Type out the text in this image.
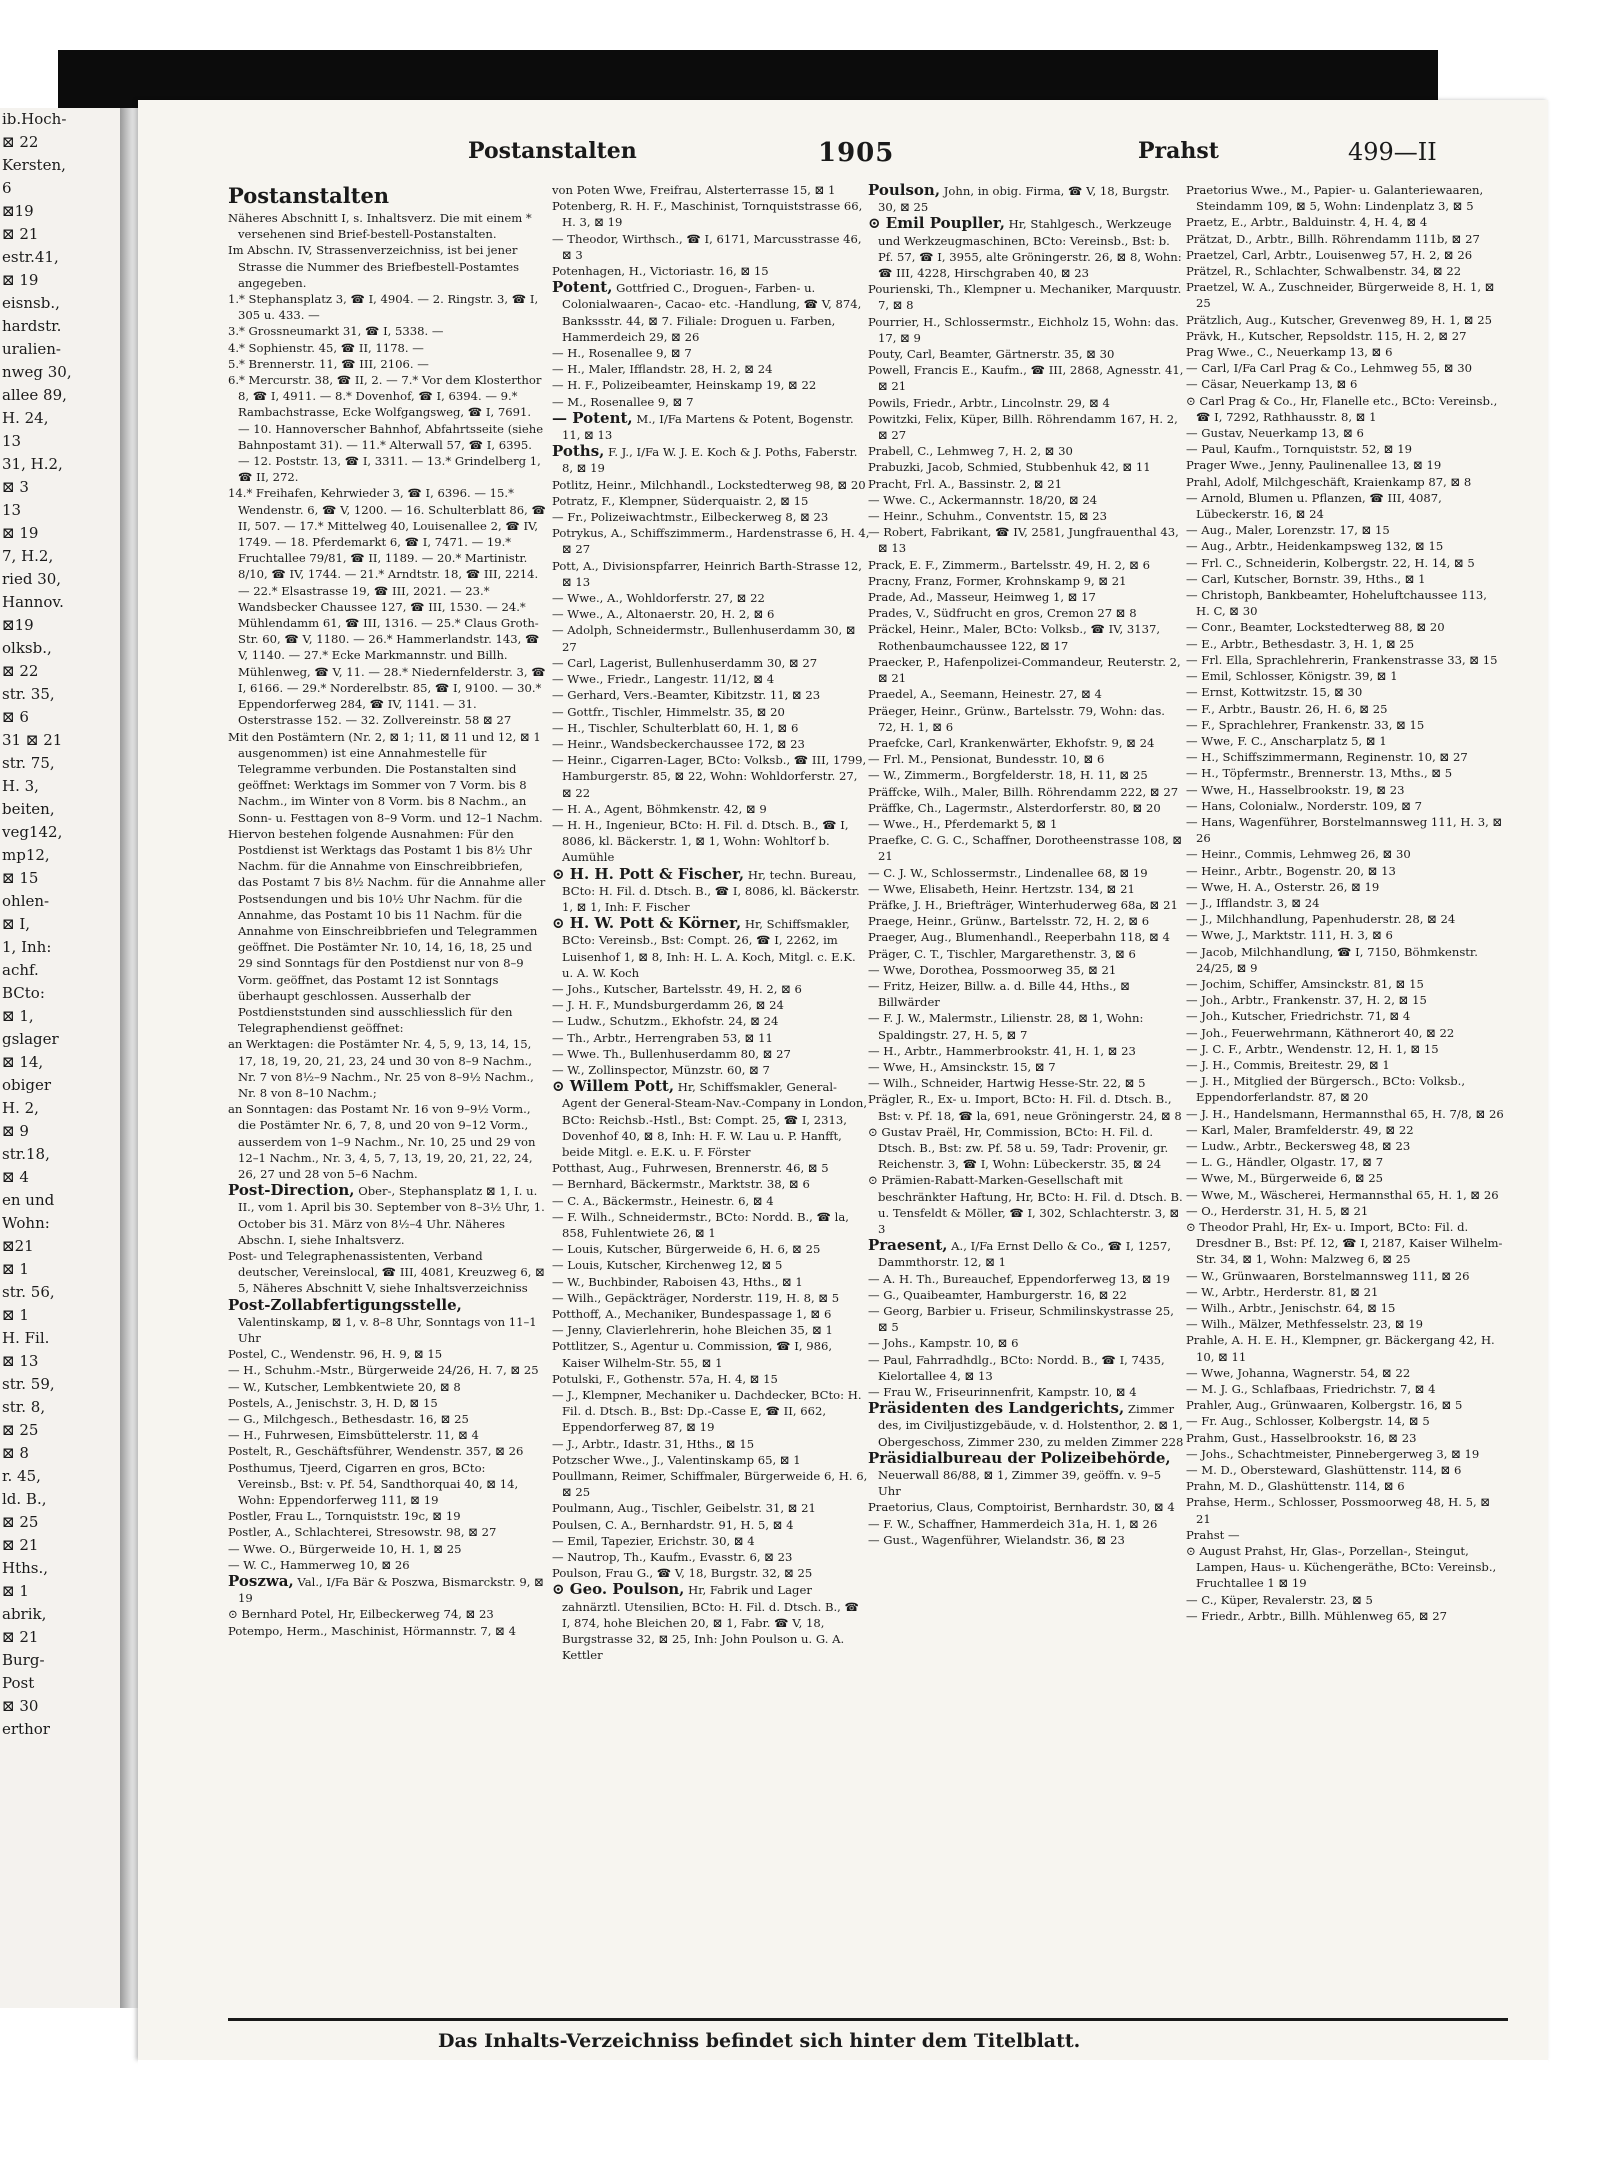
ib.Hoch-
⊠ 22
Kersten,
6
⊠19
⊠ 21
estr.41,
⊠ 19
eisnsb.,
hardstr.
uralien-
nweg 30,
allee 89,
H. 24,
13
31, H.2,
⊠ 3
13
⊠ 19
7, H.2,
ried 30,
Hannov.
⊠19
olksb.,
⊠ 22
str. 35,
⊠ 6
31 ⊠ 21
str. 75,
H. 3,
beiten,
veg142,
mp12,
⊠ 15
ohlen-
⊠ I,
1, Inh:
achf.
BCto:
⊠ 1,
gslager
⊠ 14,
obiger
H. 2,
⊠ 9
str.18,
⊠ 4
en und
Wohn:
⊠21
⊠ 1
str. 56,
⊠ 1
H. Fil.
⊠ 13
str. 59,
str. 8,
⊠ 25
⊠ 8
r. 45,
ld. B.,
⊠ 25
⊠ 21
Hths.,
⊠ 1
abrik,
⊠ 21
Burg-
Post
⊠ 30
erthor
Postanstalten	1905	Prahst	499—II

Postanstalten

Näheres Abschnitt I, s. Inhaltsverz. Die mit einem * versehenen sind Brief-bestell-Postanstalten.

Im Abschn. IV, Strassenverzeichniss, ist bei jener Strasse die Nummer des Briefbestell-Postamtes angegeben.

1.* Stephansplatz 3, ☎ I, 4904. — 2. Ringstr. 3, ☎ I, 305 u. 433. —

3.* Grossneumarkt 31, ☎ I, 5338. —

4.* Sophienstr. 45, ☎ II, 1178. —

5.* Brennerstr. 11, ☎ III, 2106. —

6.* Mercurstr. 38, ☎ II, 2. — 7.* Vor dem Klosterthor 8, ☎ I, 4911. — 8.* Dovenhof, ☎ I, 6394. — 9.* Rambachstrasse, Ecke Wolfgangsweg, ☎ I, 7691. — 10. Hannoverscher Bahnhof, Abfahrtsseite (siehe Bahnpostamt 31). — 11.* Alterwall 57, ☎ I, 6395. — 12. Poststr. 13, ☎ I, 3311. — 13.* Grindelberg 1, ☎ II, 272.

14.* Freihafen, Kehrwieder 3, ☎ I, 6396. — 15.* Wendenstr. 6, ☎ V, 1200. — 16. Schulterblatt 86, ☎ II, 507. — 17.* Mittelweg 40, Louisenallee 2, ☎ IV, 1749. — 18. Pferdemarkt 6, ☎ I, 7471. — 19.* Fruchtallee 79/81, ☎ II, 1189. — 20.* Martinistr. 8/10, ☎ IV, 1744. — 21.* Arndtstr. 18, ☎ III, 2214. — 22.* Elsastrasse 19, ☎ III, 2021. — 23.* Wandsbecker Chaussee 127, ☎ III, 1530. — 24.* Mühlendamm 61, ☎ III, 1316. — 25.* Claus Groth-Str. 60, ☎ V, 1180. — 26.* Hammerlandstr. 143, ☎ V, 1140. — 27.* Ecke Markmannstr. und Billh. Mühlenweg, ☎ V, 11. — 28.* Niedernfelderstr. 3, ☎ I, 6166. — 29.* Norderelbstr. 85, ☎ I, 9100. — 30.* Eppendorferweg 284, ☎ IV, 1141. — 31. Osterstrasse 152. — 32. Zollvereinstr. 58 ⊠ 27

Mit den Postämtern (Nr. 2, ⊠ 1; 11, ⊠ 11 und 12, ⊠ 1 ausgenommen) ist eine Annahmestelle für Telegramme verbunden. Die Postanstalten sind geöffnet: Werktags im Sommer von 7 Vorm. bis 8 Nachm., im Winter von 8 Vorm. bis 8 Nachm., an Sonn- u. Festtagen von 8–9 Vorm. und 12–1 Nachm.

Hiervon bestehen folgende Ausnahmen: Für den Postdienst ist Werktags das Postamt 1 bis 8½ Uhr Nachm. für die Annahme von Einschreibbriefen, das Postamt 7 bis 8½ Nachm. für die Annahme aller Postsendungen und bis 10½ Uhr Nachm. für die Annahme, das Postamt 10 bis 11 Nachm. für die Annahme von Einschreibbriefen und Telegrammen geöffnet. Die Postämter Nr. 10, 14, 16, 18, 25 und 29 sind Sonntags für den Postdienst nur von 8–9 Vorm. geöffnet, das Postamt 12 ist Sonntags überhaupt geschlossen. Ausserhalb der Postdienststunden sind ausschliesslich für den Telegraphendienst geöffnet:

an Werktagen: die Postämter Nr. 4, 5, 9, 13, 14, 15, 17, 18, 19, 20, 21, 23, 24 und 30 von 8–9 Nachm., Nr. 7 von 8½–9 Nachm., Nr. 25 von 8–9½ Nachm., Nr. 8 von 8–10 Nachm.;

an Sonntagen: das Postamt Nr. 16 von 9–9½ Vorm., die Postämter Nr. 6, 7, 8, und 20 von 9–12 Vorm., ausserdem von 1–9 Nachm., Nr. 10, 25 und 29 von 12–1 Nachm., Nr. 3, 4, 5, 7, 13, 19, 20, 21, 22, 24, 26, 27 und 28 von 5–6 Nachm.

Post-Direction, Ober-, Stephansplatz ⊠ 1, I. u. II., vom 1. April bis 30. September von 8–3½ Uhr, 1. October bis 31. März von 8½–4 Uhr. Näheres Abschn. I, siehe Inhaltsverz.

Post- und Telegraphenassistenten, Verband deutscher, Vereinslocal, ☎ III, 4081, Kreuzweg 6, ⊠ 5, Näheres Abschnitt V, siehe Inhaltsverzeichniss

Post-Zollabfertigungsstelle, Valentinskamp, ⊠ 1, v. 8–8 Uhr, Sonntags von 11–1 Uhr

Postel, C., Wendenstr. 96, H. 9, ⊠ 15

— H., Schuhm.-Mstr., Bürgerweide 24/26, H. 7, ⊠ 25

— W., Kutscher, Lembkentwiete 20, ⊠ 8

Postels, A., Jenischstr. 3, H. D, ⊠ 15

— G., Milchgesch., Bethesdastr. 16, ⊠ 25

— H., Fuhrwesen, Eimsbüttelerstr. 11, ⊠ 4

Postelt, R., Geschäftsführer, Wendenstr. 357, ⊠ 26

Posthumus, Tjeerd, Cigarren en gros, BCto: Vereinsb., Bst: v. Pf. 54, Sandthorquai 40, ⊠ 14, Wohn: Eppendorferweg 111, ⊠ 19

Postler, Frau L., Tornquiststr. 19c, ⊠ 19

Postler, A., Schlachterei, Stresowstr. 98, ⊠ 27

— Wwe. O., Bürgerweide 10, H. 1, ⊠ 25

— W. C., Hammerweg 10, ⊠ 26

Poszwa, Val., I/Fa Bär & Poszwa, Bismarckstr. 9, ⊠ 19

⊙ Bernhard Potel, Hr, Eilbeckerweg 74, ⊠ 23

Potempo, Herm., Maschinist, Hörmannstr. 7, ⊠ 4

von Poten Wwe, Freifrau, Alsterterrasse 15, ⊠ 1

Potenberg, R. H. F., Maschinist, Tornquiststrasse 66, H. 3, ⊠ 19

— Theodor, Wirthsch., ☎ I, 6171, Marcusstrasse 46, ⊠ 3

Potenhagen, H., Victoriastr. 16, ⊠ 15

Potent, Gottfried C., Droguen-, Farben- u. Colonialwaaren-, Cacao- etc. -Handlung, ☎ V, 874, Bankssstr. 44, ⊠ 7. Filiale: Droguen u. Farben, Hammerdeich 29, ⊠ 26

— H., Rosenallee 9, ⊠ 7

— H., Maler, Ifflandstr. 28, H. 2, ⊠ 24

— H. F., Polizeibeamter, Heinskamp 19, ⊠ 22

— M., Rosenallee 9, ⊠ 7

— Potent, M., I/Fa Martens & Potent, Bogenstr. 11, ⊠ 13

Poths, F. J., I/Fa W. J. E. Koch & J. Poths, Faberstr. 8, ⊠ 19

Potlitz, Heinr., Milchhandl., Lockstedterweg 98, ⊠ 20

Potratz, F., Klempner, Süderquaistr. 2, ⊠ 15

— Fr., Polizeiwachtmstr., Eilbeckerweg 8, ⊠ 23

Potrykus, A., Schiffszimmerm., Hardenstrasse 6, H. 4, ⊠ 27

Pott, A., Divisionspfarrer, Heinrich Barth-Strasse 12, ⊠ 13

— Wwe., A., Wohldorferstr. 27, ⊠ 22

— Wwe., A., Altonaerstr. 20, H. 2, ⊠ 6

— Adolph, Schneidermstr., Bullenhuserdamm 30, ⊠ 27

— Carl, Lagerist, Bullenhuserdamm 30, ⊠ 27

— Wwe., Friedr., Langestr. 11/12, ⊠ 4

— Gerhard, Vers.-Beamter, Kibitzstr. 11, ⊠ 23

— Gottfr., Tischler, Himmelstr. 35, ⊠ 20

— H., Tischler, Schulterblatt 60, H. 1, ⊠ 6

— Heinr., Wandsbeckerchaussee 172, ⊠ 23

— Heinr., Cigarren-Lager, BCto: Volksb., ☎ III, 1799, Hamburgerstr. 85, ⊠ 22, Wohn: Wohldorferstr. 27, ⊠ 22

— H. A., Agent, Böhmkenstr. 42, ⊠ 9

— H. H., Ingenieur, BCto: H. Fil. d. Dtsch. B., ☎ I, 8086, kl. Bäckerstr. 1, ⊠ 1, Wohn: Wohltorf b. Aumühle

⊙ H. H. Pott & Fischer, Hr, techn. Bureau, BCto: H. Fil. d. Dtsch. B., ☎ I, 8086, kl. Bäckerstr. 1, ⊠ 1, Inh: F. Fischer

⊙ H. W. Pott & Körner, Hr, Schiffsmakler, BCto: Vereinsb., Bst: Compt. 26, ☎ I, 2262, im Luisenhof 1, ⊠ 8, Inh: H. L. A. Koch, Mitgl. c. E.K. u. A. W. Koch

— Johs., Kutscher, Bartelsstr. 49, H. 2, ⊠ 6

— J. H. F., Mundsburgerdamm 26, ⊠ 24

— Ludw., Schutzm., Ekhofstr. 24, ⊠ 24

— Th., Arbtr., Herrengraben 53, ⊠ 11

— Wwe. Th., Bullenhuserdamm 80, ⊠ 27

— W., Zollinspector, Münzstr. 60, ⊠ 7

⊙ Willem Pott, Hr, Schiffsmakler, General-Agent der General-Steam-Nav.-Company in London, BCto: Reichsb.-Hstl., Bst: Compt. 25, ☎ I, 2313, Dovenhof 40, ⊠ 8, Inh: H. F. W. Lau u. P. Hanfft, beide Mitgl. e. E.K. u. F. Förster

Potthast, Aug., Fuhrwesen, Brennerstr. 46, ⊠ 5

— Bernhard, Bäckermstr., Marktstr. 38, ⊠ 6

— C. A., Bäckermstr., Heinestr. 6, ⊠ 4

— F. Wilh., Schneidermstr., BCto: Nordd. B., ☎ la, 858, Fuhlentwiete 26, ⊠ 1

— Louis, Kutscher, Bürgerweide 6, H. 6, ⊠ 25

— Louis, Kutscher, Kirchenweg 12, ⊠ 5

— W., Buchbinder, Raboisen 43, Hths., ⊠ 1

— Wilh., Gepäckträger, Norderstr. 119, H. 8, ⊠ 5

Potthoff, A., Mechaniker, Bundespassage 1, ⊠ 6

— Jenny, Clavierlehrerin, hohe Bleichen 35, ⊠ 1

Pottlitzer, S., Agentur u. Commission, ☎ I, 986, Kaiser Wilhelm-Str. 55, ⊠ 1

Potulski, F., Gothenstr. 57a, H. 4, ⊠ 15

— J., Klempner, Mechaniker u. Dachdecker, BCto: H. Fil. d. Dtsch. B., Bst: Dp.-Casse E, ☎ II, 662, Eppendorferweg 87, ⊠ 19

— J., Arbtr., Idastr. 31, Hths., ⊠ 15

Potzscher Wwe., J., Valentinskamp 65, ⊠ 1

Poullmann, Reimer, Schiffmaler, Bürgerweide 6, H. 6, ⊠ 25

Poulmann, Aug., Tischler, Geibelstr. 31, ⊠ 21

Poulsen, C. A., Bernhardstr. 91, H. 5, ⊠ 4

— Emil, Tapezier, Erichstr. 30, ⊠ 4

— Nautrop, Th., Kaufm., Evasstr. 6, ⊠ 23

Poulson, Frau G., ☎ V, 18, Burgstr. 32, ⊠ 25

⊙ Geo. Poulson, Hr, Fabrik und Lager zahnärztl. Utensilien, BCto: H. Fil. d. Dtsch. B., ☎ I, 874, hohe Bleichen 20, ⊠ 1, Fabr. ☎ V, 18, Burgstrasse 32, ⊠ 25, Inh: John Poulson u. G. A. Kettler

Poulson, John, in obig. Firma, ☎ V, 18, Burgstr. 30, ⊠ 25

⊙ Emil Poupller, Hr, Stahlgesch., Werkzeuge und Werkzeugmaschinen, BCto: Vereinsb., Bst: b. Pf. 57, ☎ I, 3955, alte Gröningerstr. 26, ⊠ 8, Wohn: ☎ III, 4228, Hirschgraben 40, ⊠ 23

Pourienski, Th., Klempner u. Mechaniker, Marquustr. 7, ⊠ 8

Pourrier, H., Schlossermstr., Eichholz 15, Wohn: das. 17, ⊠ 9

Pouty, Carl, Beamter, Gärtnerstr. 35, ⊠ 30

Powell, Francis E., Kaufm., ☎ III, 2868, Agnesstr. 41, ⊠ 21

Powils, Friedr., Arbtr., Lincolnstr. 29, ⊠ 4

Powitzki, Felix, Küper, Billh. Röhrendamm 167, H. 2, ⊠ 27

Prabell, C., Lehmweg 7, H. 2, ⊠ 30

Prabuzki, Jacob, Schmied, Stubbenhuk 42, ⊠ 11

Pracht, Frl. A., Bassinstr. 2, ⊠ 21

— Wwe. C., Ackermannstr. 18/20, ⊠ 24

— Heinr., Schuhm., Conventstr. 15, ⊠ 23

— Robert, Fabrikant, ☎ IV, 2581, Jungfrauenthal 43, ⊠ 13

Prack, E. F., Zimmerm., Bartelsstr. 49, H. 2, ⊠ 6

Pracny, Franz, Former, Krohnskamp 9, ⊠ 21

Prade, Ad., Masseur, Heimweg 1, ⊠ 17

Prades, V., Südfrucht en gros, Cremon 27 ⊠ 8

Präckel, Heinr., Maler, BCto: Volksb., ☎ IV, 3137, Rothenbaumchaussee 122, ⊠ 17

Praecker, P., Hafenpolizei-Commandeur, Reuterstr. 2, ⊠ 21

Praedel, A., Seemann, Heinestr. 27, ⊠ 4

Präeger, Heinr., Grünw., Bartelsstr. 79, Wohn: das. 72, H. 1, ⊠ 6

Praefcke, Carl, Krankenwärter, Ekhofstr. 9, ⊠ 24

— Frl. M., Pensionat, Bundesstr. 10, ⊠ 6

— W., Zimmerm., Borgfelderstr. 18, H. 11, ⊠ 25

Präffcke, Wilh., Maler, Billh. Röhrendamm 222, ⊠ 27

Präffke, Ch., Lagermstr., Alsterdorferstr. 80, ⊠ 20

— Wwe., H., Pferdemarkt 5, ⊠ 1

Praefke, C. G. C., Schaffner, Dorotheenstrasse 108, ⊠ 21

— C. J. W., Schlossermstr., Lindenallee 68, ⊠ 19

— Wwe, Elisabeth, Heinr. Hertzstr. 134, ⊠ 21

Präfke, J. H., Briefträger, Winterhuderweg 68a, ⊠ 21

Praege, Heinr., Grünw., Bartelsstr. 72, H. 2, ⊠ 6

Praeger, Aug., Blumenhandl., Reeperbahn 118, ⊠ 4

Präger, C. T., Tischler, Margarethenstr. 3, ⊠ 6

— Wwe, Dorothea, Possmoorweg 35, ⊠ 21

— Fritz, Heizer, Billw. a. d. Bille 44, Hths., ⊠ Billwärder

— F. J. W., Malermstr., Lilienstr. 28, ⊠ 1, Wohn: Spaldingstr. 27, H. 5, ⊠ 7

— H., Arbtr., Hammerbrookstr. 41, H. 1, ⊠ 23

— Wwe, H., Amsinckstr. 15, ⊠ 7

— Wilh., Schneider, Hartwig Hesse-Str. 22, ⊠ 5

Prägler, R., Ex- u. Import, BCto: H. Fil. d. Dtsch. B., Bst: v. Pf. 18, ☎ la, 691, neue Gröningerstr. 24, ⊠ 8

⊙ Gustav Praël, Hr, Commission, BCto: H. Fil. d. Dtsch. B., Bst: zw. Pf. 58 u. 59, Tadr: Provenir, gr. Reichenstr. 3, ☎ I, Wohn: Lübeckerstr. 35, ⊠ 24

⊙ Prämien-Rabatt-Marken-Gesellschaft mit beschränkter Haftung, Hr, BCto: H. Fil. d. Dtsch. B. u. Tensfeldt & Möller, ☎ I, 302, Schlachterstr. 3, ⊠ 3

Praesent, A., I/Fa Ernst Dello & Co., ☎ I, 1257, Dammthorstr. 12, ⊠ 1

— A. H. Th., Bureauchef, Eppendorferweg 13, ⊠ 19

— G., Quaibeamter, Hamburgerstr. 16, ⊠ 22

— Georg, Barbier u. Friseur, Schmilinskystrasse 25, ⊠ 5

— Johs., Kampstr. 10, ⊠ 6

— Paul, Fahrradhdlg., BCto: Nordd. B., ☎ I, 7435, Kielortallee 4, ⊠ 13

— Frau W., Friseurinnenfrit, Kampstr. 10, ⊠ 4

Präsidenten des Landgerichts, Zimmer des, im Civiljustizgebäude, v. d. Holstenthor, 2. ⊠ 1, Obergeschoss, Zimmer 230, zu melden Zimmer 228

Präsidialbureau der Polizeibehörde, Neuerwall 86/88, ⊠ 1, Zimmer 39, geöffn. v. 9–5 Uhr

Praetorius, Claus, Comptoirist, Bernhardstr. 30, ⊠ 4

— F. W., Schaffner, Hammerdeich 31a, H. 1, ⊠ 26

— Gust., Wagenführer, Wielandstr. 36, ⊠ 23

Praetorius Wwe., M., Papier- u. Galanteriewaaren, Steindamm 109, ⊠ 5, Wohn: Lindenplatz 3, ⊠ 5

Praetz, E., Arbtr., Balduinstr. 4, H. 4, ⊠ 4

Prätzat, D., Arbtr., Billh. Röhrendamm 111b, ⊠ 27

Praetzel, Carl, Arbtr., Louisenweg 57, H. 2, ⊠ 26

Prätzel, R., Schlachter, Schwalbenstr. 34, ⊠ 22

Praetzel, W. A., Zuschneider, Bürgerweide 8, H. 1, ⊠ 25

Prätzlich, Aug., Kutscher, Grevenweg 89, H. 1, ⊠ 25

Prävk, H., Kutscher, Repsoldstr. 115, H. 2, ⊠ 27

Prag Wwe., C., Neuerkamp 13, ⊠ 6

— Carl, I/Fa Carl Prag & Co., Lehmweg 55, ⊠ 30

— Cäsar, Neuerkamp 13, ⊠ 6

⊙ Carl Prag & Co., Hr, Flanelle etc., BCto: Vereinsb., ☎ I, 7292, Rathhausstr. 8, ⊠ 1

— Gustav, Neuerkamp 13, ⊠ 6

— Paul, Kaufm., Tornquiststr. 52, ⊠ 19

Prager Wwe., Jenny, Paulinenallee 13, ⊠ 19

Prahl, Adolf, Milchgeschäft, Kraienkamp 87, ⊠ 8

— Arnold, Blumen u. Pflanzen, ☎ III, 4087, Lübeckerstr. 16, ⊠ 24

— Aug., Maler, Lorenzstr. 17, ⊠ 15

— Aug., Arbtr., Heidenkampsweg 132, ⊠ 15

— Frl. C., Schneiderin, Kolbergstr. 22, H. 14, ⊠ 5

— Carl, Kutscher, Bornstr. 39, Hths., ⊠ 1

— Christoph, Bankbeamter, Hoheluftchaussee 113, H. C, ⊠ 30

— Conr., Beamter, Lockstedterweg 88, ⊠ 20

— E., Arbtr., Bethesdastr. 3, H. 1, ⊠ 25

— Frl. Ella, Sprachlehrerin, Frankenstrasse 33, ⊠ 15

— Emil, Schlosser, Königstr. 39, ⊠ 1

— Ernst, Kottwitzstr. 15, ⊠ 30

— F., Arbtr., Baustr. 26, H. 6, ⊠ 25

— F., Sprachlehrer, Frankenstr. 33, ⊠ 15

— Wwe, F. C., Anscharplatz 5, ⊠ 1

— H., Schiffszimmermann, Reginenstr. 10, ⊠ 27

— H., Töpfermstr., Brennerstr. 13, Mths., ⊠ 5

— Wwe, H., Hasselbrookstr. 19, ⊠ 23

— Hans, Colonialw., Norderstr. 109, ⊠ 7

— Hans, Wagenführer, Borstelmannsweg 111, H. 3, ⊠ 26

— Heinr., Commis, Lehmweg 26, ⊠ 30

— Heinr., Arbtr., Bogenstr. 20, ⊠ 13

— Wwe, H. A., Osterstr. 26, ⊠ 19

— J., Ifflandstr. 3, ⊠ 24

— J., Milchhandlung, Papenhuderstr. 28, ⊠ 24

— Wwe, J., Marktstr. 111, H. 3, ⊠ 6

— Jacob, Milchhandlung, ☎ I, 7150, Böhmkenstr. 24/25, ⊠ 9

— Jochim, Schiffer, Amsinckstr. 81, ⊠ 15

— Joh., Arbtr., Frankenstr. 37, H. 2, ⊠ 15

— Joh., Kutscher, Friedrichstr. 71, ⊠ 4

— Joh., Feuerwehrmann, Käthnerort 40, ⊠ 22

— J. C. F., Arbtr., Wendenstr. 12, H. 1, ⊠ 15

— J. H., Commis, Breitestr. 29, ⊠ 1

— J. H., Mitglied der Bürgersch., BCto: Volksb., Eppendorferlandstr. 87, ⊠ 20

— J. H., Handelsmann, Hermannsthal 65, H. 7/8, ⊠ 26

— Karl, Maler, Bramfelderstr. 49, ⊠ 22

— Ludw., Arbtr., Beckersweg 48, ⊠ 23

— L. G., Händler, Olgastr. 17, ⊠ 7

— Wwe, M., Bürgerweide 6, ⊠ 25

— Wwe, M., Wäscherei, Hermannsthal 65, H. 1, ⊠ 26

— O., Herderstr. 31, H. 5, ⊠ 21

⊙ Theodor Prahl, Hr, Ex- u. Import, BCto: Fil. d. Dresdner B., Bst: Pf. 12, ☎ I, 2187, Kaiser Wilhelm-Str. 34, ⊠ 1, Wohn: Malzweg 6, ⊠ 25

— W., Grünwaaren, Borstelmannsweg 111, ⊠ 26

— W., Arbtr., Herderstr. 81, ⊠ 21

— Wilh., Arbtr., Jenischstr. 64, ⊠ 15

— Wilh., Mälzer, Methfesselstr. 23, ⊠ 19

Prahle, A. H. E. H., Klempner, gr. Bäckergang 42, H. 10, ⊠ 11

— Wwe, Johanna, Wagnerstr. 54, ⊠ 22

— M. J. G., Schlafbaas, Friedrichstr. 7, ⊠ 4

Prahler, Aug., Grünwaaren, Kolbergstr. 16, ⊠ 5

— Fr. Aug., Schlosser, Kolbergstr. 14, ⊠ 5

Prahm, Gust., Hasselbrookstr. 16, ⊠ 23

— Johs., Schachtmeister, Pinnebergerweg 3, ⊠ 19

— M. D., Obersteward, Glashüttenstr. 114, ⊠ 6

Prahn, M. D., Glashüttenstr. 114, ⊠ 6

Prahse, Herm., Schlosser, Possmoorweg 48, H. 5, ⊠ 21

Prahst —

⊙ August Prahst, Hr, Glas-, Porzellan-, Steingut, Lampen, Haus- u. Küchengeräthe, BCto: Vereinsb., Fruchtallee 1 ⊠ 19

— C., Küper, Revalerstr. 23, ⊠ 5

— Friedr., Arbtr., Billh. Mühlenweg 65, ⊠ 27

Das Inhalts-Verzeichniss befindet sich hinter dem Titelblatt.
